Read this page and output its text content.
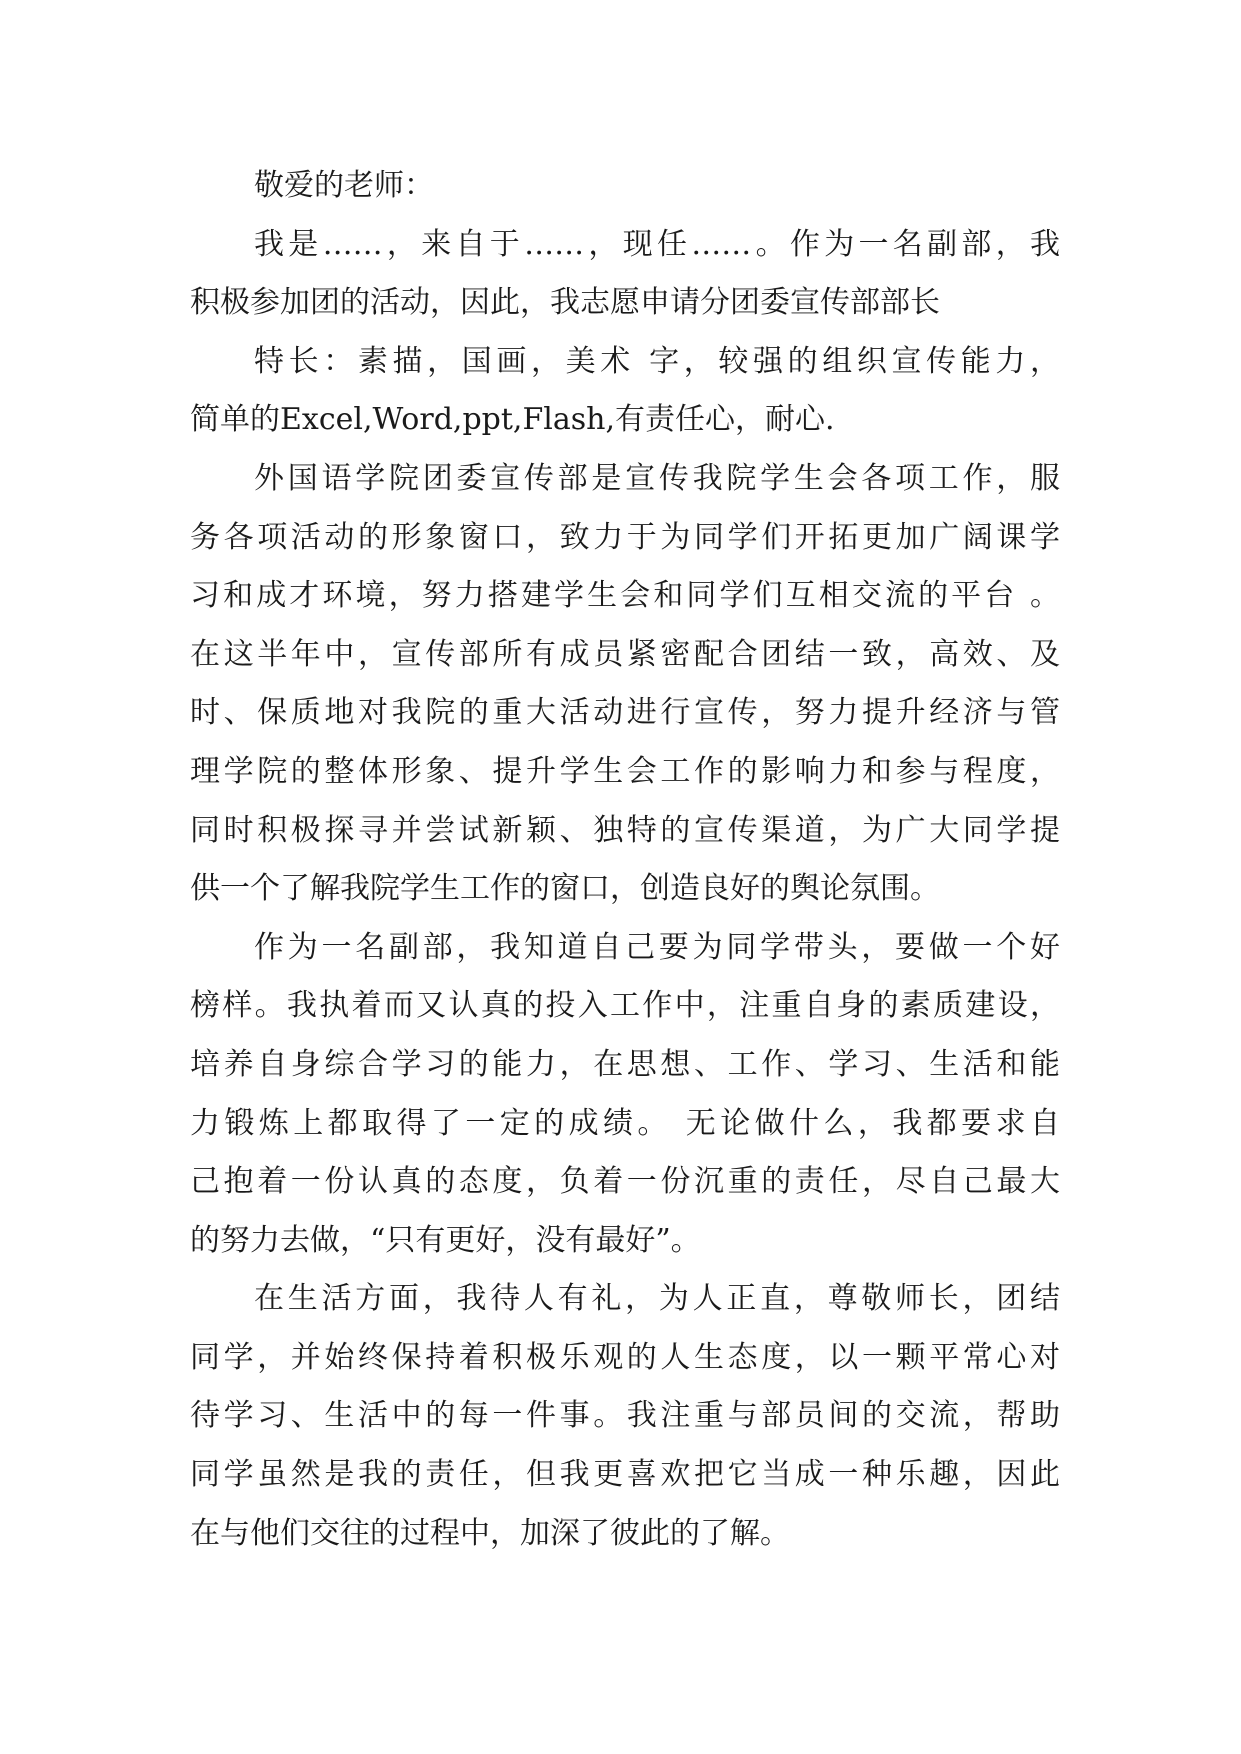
敬爱的老师：
我是……，来自于……，现任……。作为一名副部，我
积极参加团的活动，因此，我志愿申请分团委宣传部部长
特长：素描，国画，美术 字，较强的组织宣传能力，
简单的Excel,Word,ppt,Flash,有责任心，耐心.
外国语学院团委宣传部是宣传我院学生会各项工作，服
务各项活动的形象窗口，致力于为同学们开拓更加广阔课学
习和成才环境，努力搭建学生会和同学们互相交流的平台 。
在这半年中，宣传部所有成员紧密配合团结一致，高效、及
时、保质地对我院的重大活动进行宣传，努力提升经济与管
理学院的整体形象、提升学生会工作的影响力和参与程度，
同时积极探寻并尝试新颖、独特的宣传渠道，为广大同学提
供一个了解我院学生工作的窗口，创造良好的舆论氛围。
作为一名副部，我知道自己要为同学带头，要做一个好
榜样。我执着而又认真的投入工作中，注重自身的素质建设，
培养自身综合学习的能力，在思想、工作、学习、生活和能
力锻炼上都取得了一定的成绩。 无论做什么，我都要求自
己抱着一份认真的态度，负着一份沉重的责任，尽自己最大
的努力去做，“只有更好，没有最好”。
在生活方面，我待人有礼，为人正直，尊敬师长，团结
同学，并始终保持着积极乐观的人生态度，以一颗平常心对
待学习、生活中的每一件事。我注重与部员间的交流，帮助
同学虽然是我的责任，但我更喜欢把它当成一种乐趣，因此
在与他们交往的过程中，加深了彼此的了解。
